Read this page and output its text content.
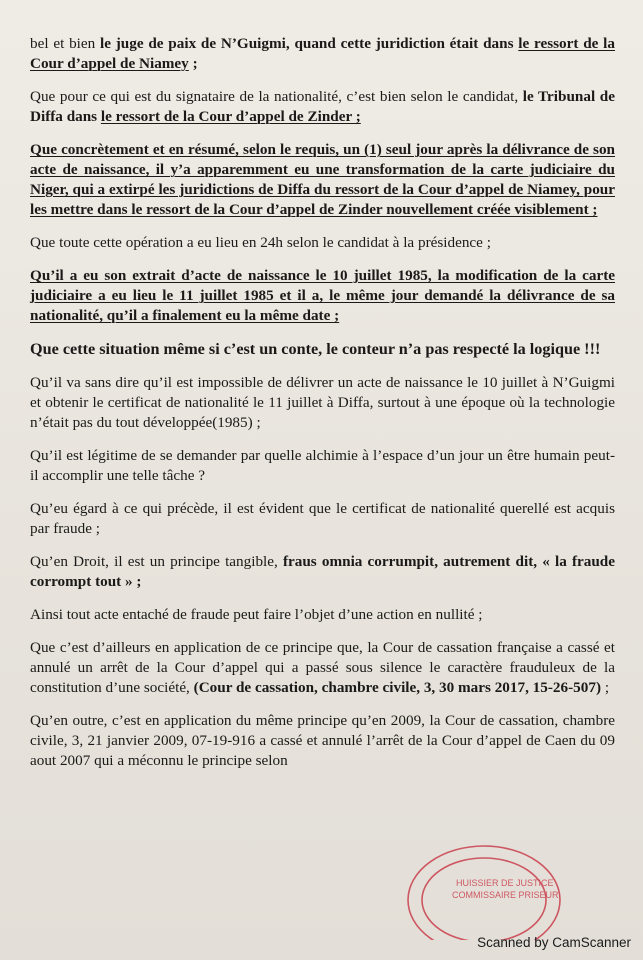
bel et bien le juge de paix de N’Guigmi, quand cette juridiction était dans le ressort de la Cour d’appel de Niamey ;

Que pour ce qui est du signataire de la nationalité, c’est bien selon le candidat, le Tribunal de Diffa dans le ressort de la Cour d’appel de Zinder ;

Que concrètement et en résumé, selon le requis, un (1) seul jour après la délivrance de son acte de naissance, il y’a apparemment eu une transformation de la carte judiciaire du Niger, qui a extirpé les juridictions de Diffa du ressort de la Cour d’appel de Niamey, pour les mettre dans le ressort de la Cour d’appel de Zinder nouvellement créée visiblement ;

Que toute cette opération a eu lieu en 24h selon le candidat à la présidence ;

Qu’il a eu son extrait d’acte de naissance le 10 juillet 1985, la modification de la carte judiciaire a eu lieu le 11 juillet 1985 et il a, le même jour demandé la délivrance de sa nationalité, qu’il a finalement eu la même date ;

Que cette situation même si c’est un conte, le conteur n’a pas respecté la logique !!!

Qu’il va sans dire qu’il est impossible de délivrer un acte de naissance le 10 juillet à N’Guigmi et obtenir le certificat de nationalité le 11 juillet à Diffa, surtout à une époque où la technologie n’était pas du tout développée(1985) ;

Qu’il est légitime de se demander par quelle alchimie à l’espace d’un jour un être humain peut-il accomplir une telle tâche ?

Qu’eu égard à ce qui précède, il est évident que le certificat de nationalité querellé est acquis par fraude ;

Qu’en Droit, il est un principe tangible, fraus omnia corrumpit, autrement dit, « la fraude corrompt tout » ;

Ainsi tout acte entaché de fraude peut faire l’objet d’une action en nullité ;

Que c’est d’ailleurs en application de ce principe que, la Cour de cassation française a cassé et annulé un arrêt de la Cour d’appel qui a passé sous silence le caractère frauduleux de la constitution d’une société, (Cour de cassation, chambre civile, 3, 30 mars 2017, 15-26-507) ;

Qu’en outre, c’est en application du même principe qu’en 2009, la Cour de cassation, chambre civile, 3, 21 janvier 2009, 07-19-916 a cassé et annulé l’arrêt de la Cour d’appel de Caen du 09 aout 2007 qui a méconnu le principe selon

HUISSIER DE JUSTICE
COMMISSAIRE PRISEUR
Scanned by CamScanner
